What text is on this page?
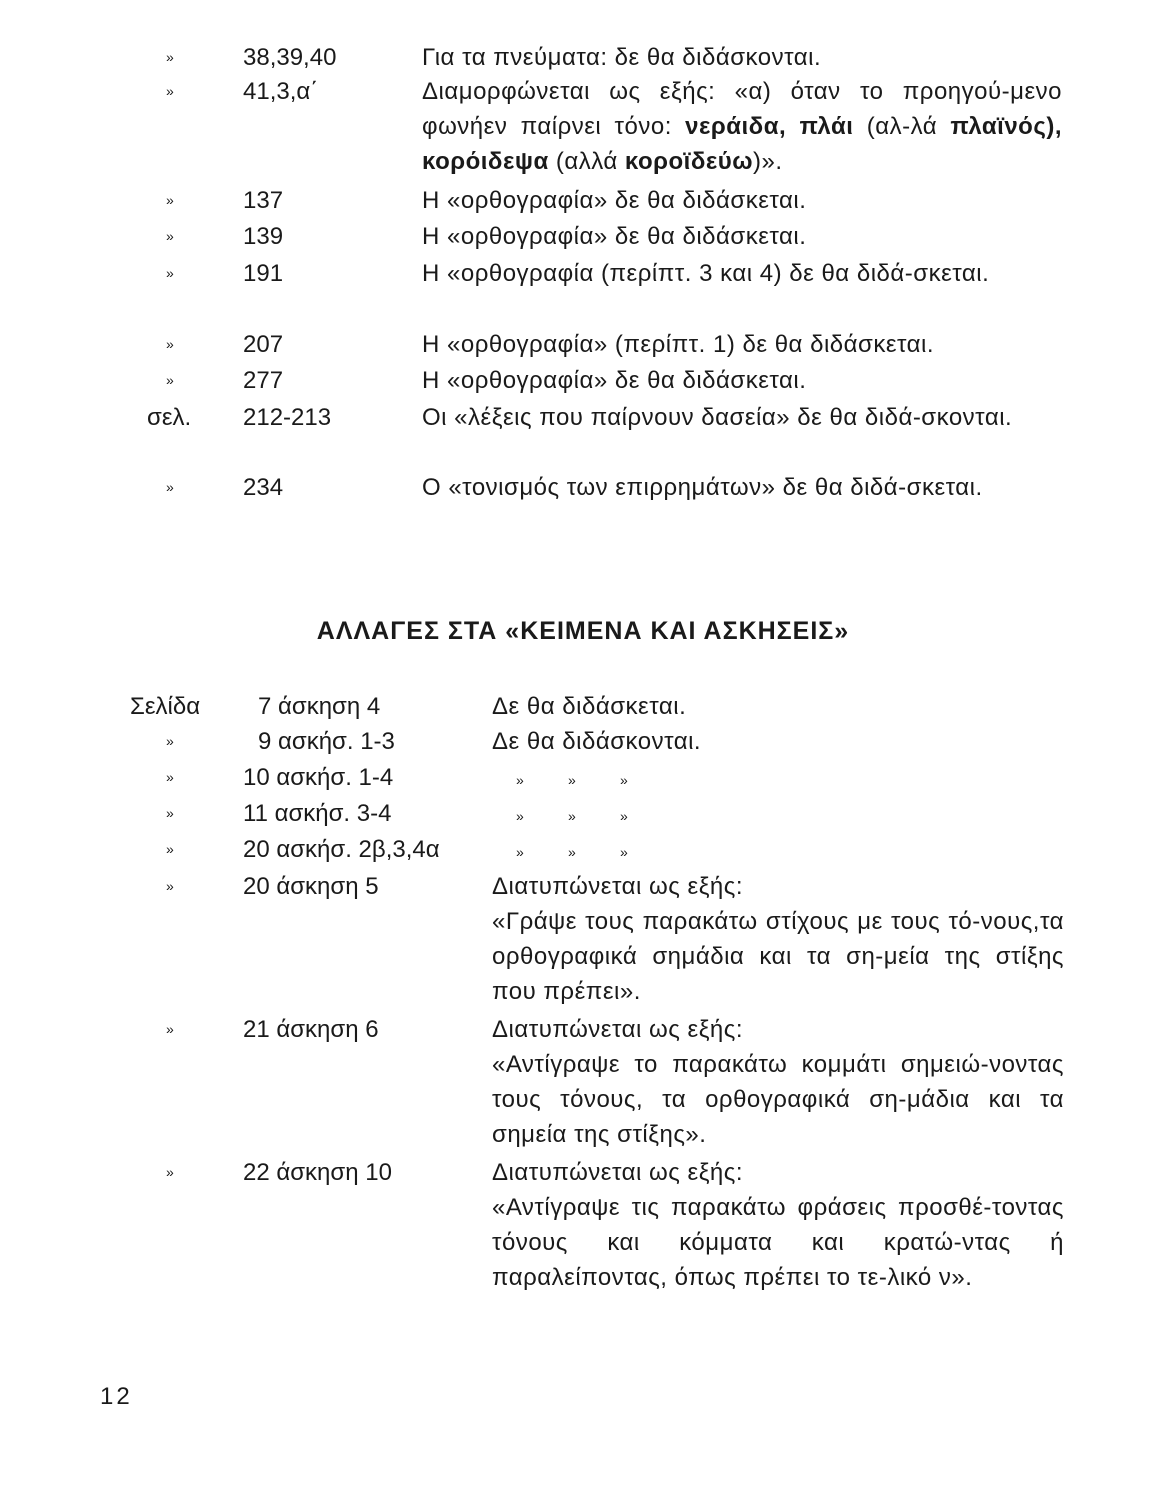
»	38,39,40	Για τα πνεύματα: δε θα διδάσκονται.
»	41,3,α΄	Διαμορφώνεται ως εξής: «α) όταν το προηγού-μενο φωνήεν παίρνει τόνο: νεράιδα, πλάι (αλ-λά πλαϊνός), κορόιδεψα (αλλά κοροϊδεύω)».
»	137	Η «ορθογραφία» δε θα διδάσκεται.
»	139	Η «ορθογραφία» δε θα διδάσκεται.
»	191	Η «ορθογραφία (περίπτ. 3 και 4) δε θα διδά-σκεται.
»	207	Η «ορθογραφία» (περίπτ. 1) δε θα διδάσκεται.
»	277	Η «ορθογραφία» δε θα διδάσκεται.
σελ. 212-213	Οι «λέξεις που παίρνουν δασεία» δε θα διδά-σκονται.
»	234	Ο «τονισμός των επιρρημάτων» δε θα διδά-σκεται.
ΑΛΛΑΓΕΣ ΣΤΑ «ΚΕΙΜΕΝΑ ΚΑΙ ΑΣΚΗΣΕΙΣ»
Σελίδα 7 άσκηση 4	Δε θα διδάσκεται.
»	9 ασκήσ. 1-3	Δε θα διδάσκονται.
»	10 ασκήσ. 1-4	»	»	»
»	11 ασκήσ. 3-4	»	»	»
»	20 ασκήσ. 2β,3,4α	»	»	»
»	20 άσκηση 5	Διατυπώνεται ως εξής:
«Γράψε τους παρακάτω στίχους με τους τό-νους,τα ορθογραφικά σημάδια και τα ση-μεία της στίξης που πρέπει».
»	21 άσκηση 6	Διατυπώνεται ως εξής:
«Αντίγραψε το παρακάτω κομμάτι σημειώ-νοντας τους τόνους, τα ορθογραφικά ση-μάδια και τα σημεία της στίξης».
»	22 άσκηση 10	Διατυπώνεται ως εξής:
«Αντίγραψε τις παρακάτω φράσεις προσθέ-τοντας τόνους και κόμματα και κρατώ-ντας ή παραλείποντας, όπως πρέπει το τε-λικό ν».
12
